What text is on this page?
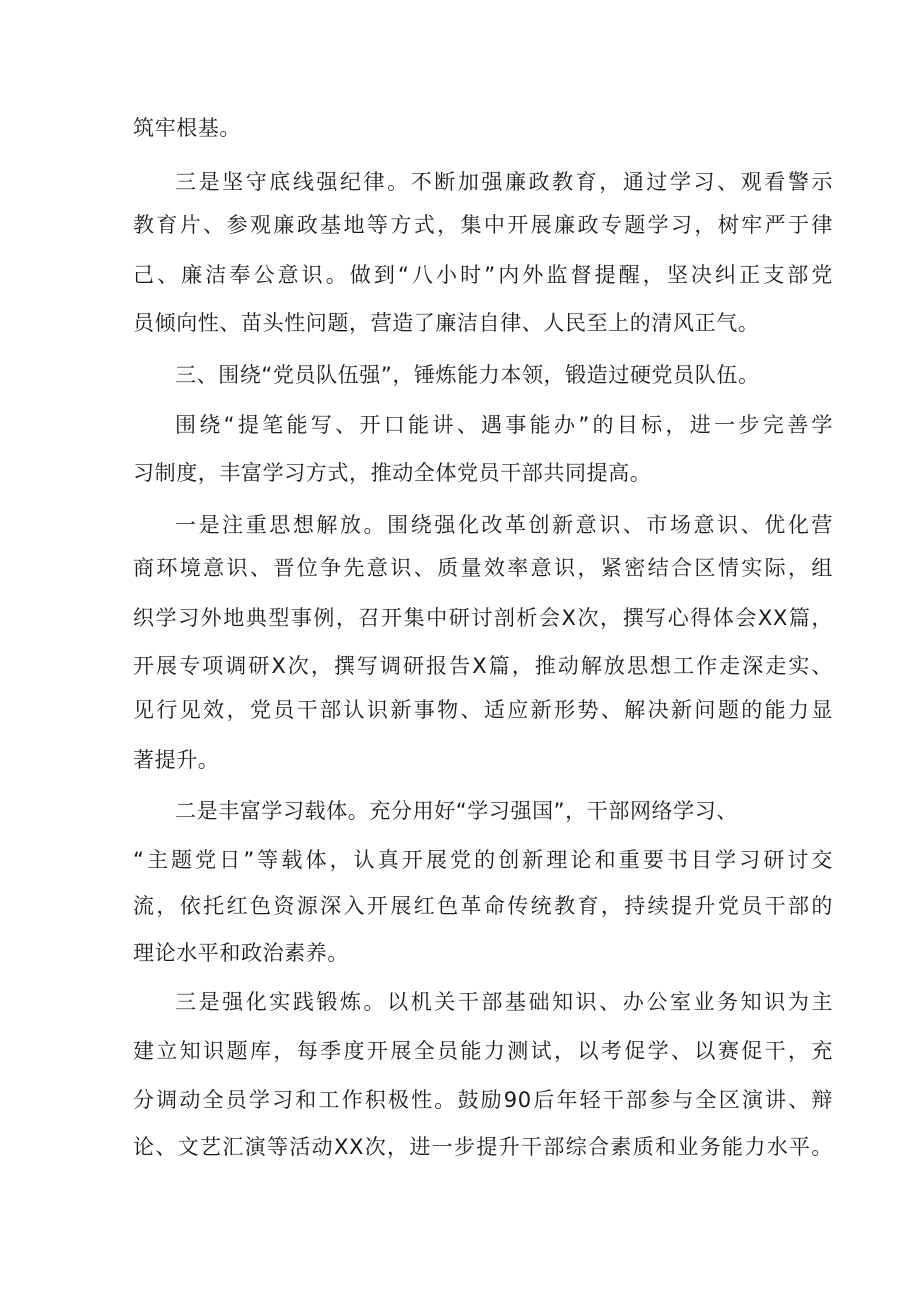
筑牢根基。
三是坚守底线强纪律。不断加强廉政教育，通过学习、观看警示
教育片、参观廉政基地等方式，集中开展廉政专题学习，树牢严于律
己、廉洁奉公意识。做到“八小时”内外监督提醒，坚决纠正支部党
员倾向性、苗头性问题，营造了廉洁自律、人民至上的清风正气。
三、围绕“党员队伍强”，锤炼能力本领，锻造过硬党员队伍。
围绕“提笔能写、开口能讲、遇事能办”的目标，进一步完善学
习制度，丰富学习方式，推动全体党员干部共同提高。
一是注重思想解放。围绕强化改革创新意识、市场意识、优化营
商环境意识、晋位争先意识、质量效率意识，紧密结合区情实际，组
织学习外地典型事例，召开集中研讨剖析会X次，撰写心得体会XX篇，
开展专项调研X次，撰写调研报告X篇，推动解放思想工作走深走实、
见行见效，党员干部认识新事物、适应新形势、解决新问题的能力显
著提升。
二是丰富学习载体。充分用好“学习强国”，干部网络学习、
“主题党日”等载体，认真开展党的创新理论和重要书目学习研讨交
流，依托红色资源深入开展红色革命传统教育，持续提升党员干部的
理论水平和政治素养。
三是强化实践锻炼。以机关干部基础知识、办公室业务知识为主
建立知识题库，每季度开展全员能力测试，以考促学、以赛促干，充
分调动全员学习和工作积极性。鼓励90后年轻干部参与全区演讲、辩
论、文艺汇演等活动XX次，进一步提升干部综合素质和业务能力水平。
